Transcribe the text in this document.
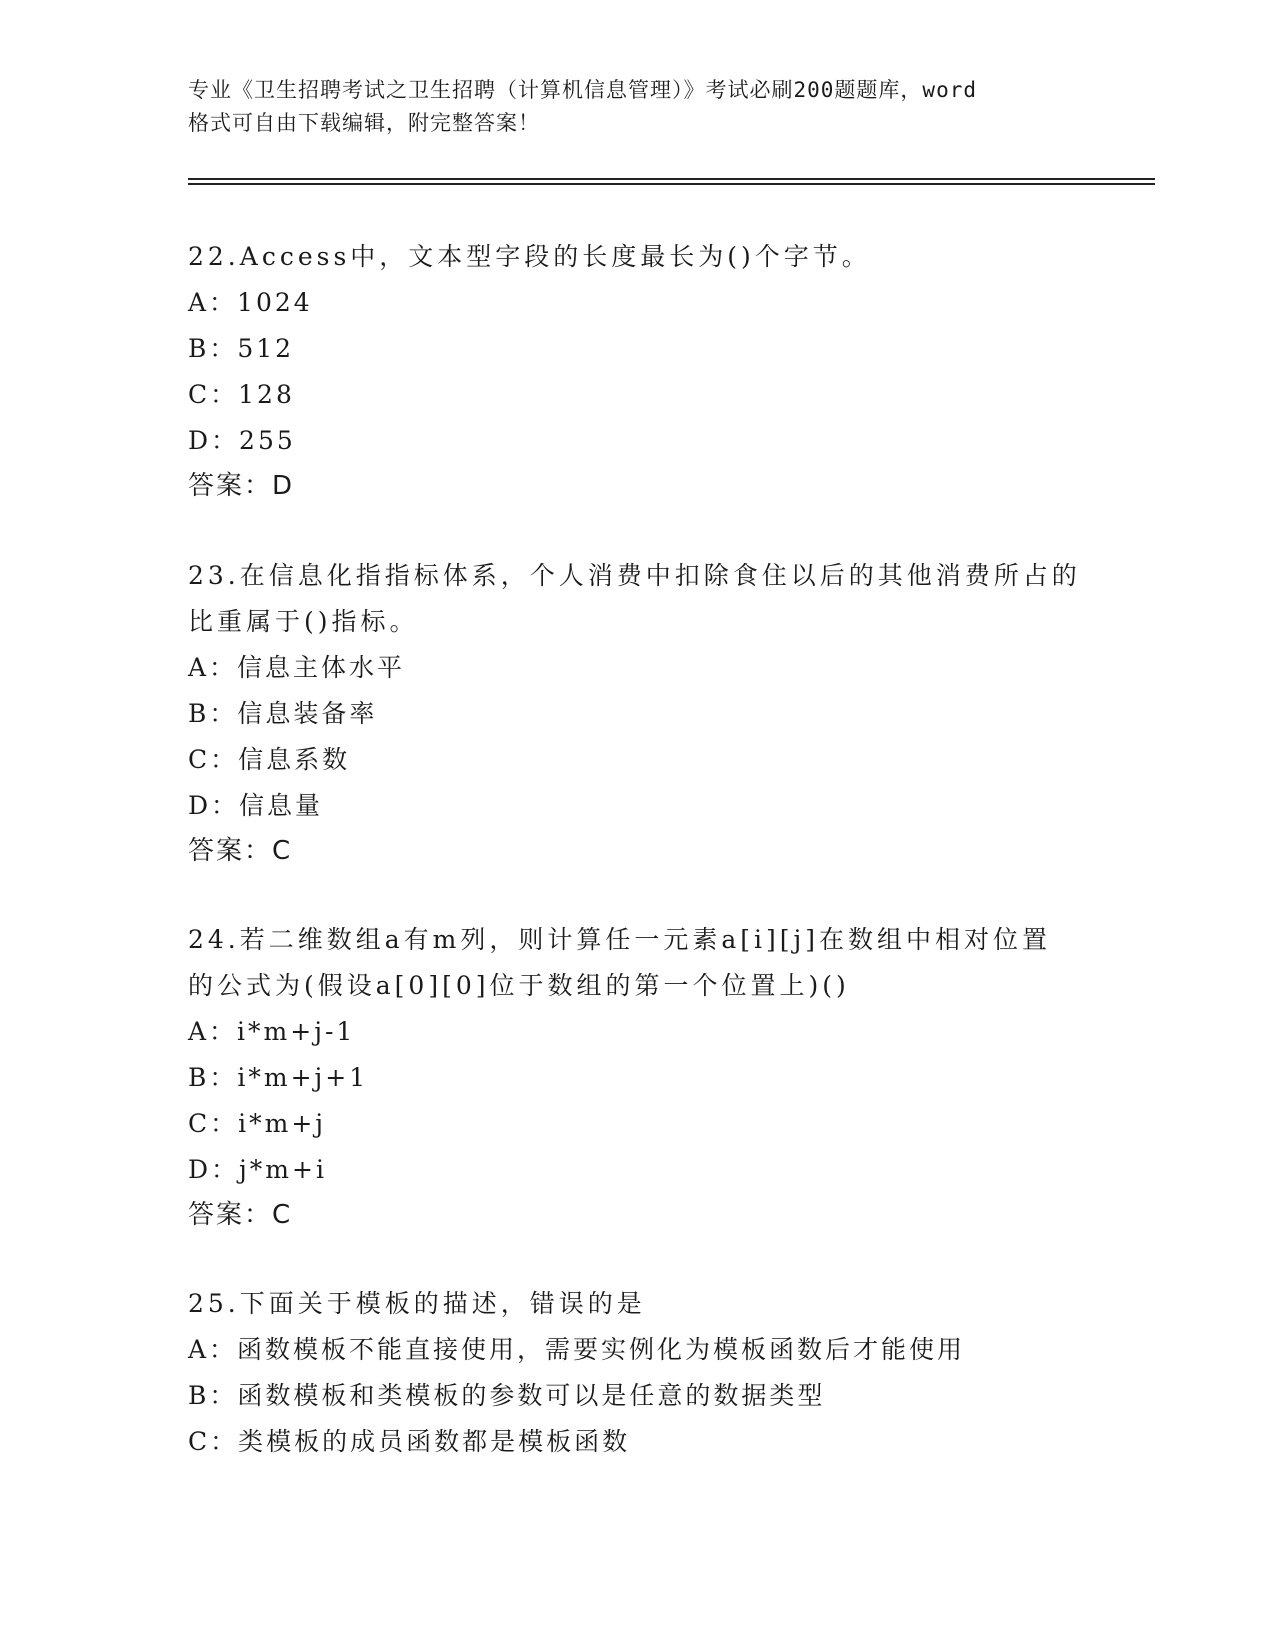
专业《卫生招聘考试之卫生招聘（计算机信息管理）》考试必刷200题题库，word
格式可自由下载编辑，附完整答案！

22.Access中，文本型字段的长度最长为()个字节。

A：1024

B：512

C：128

D：255

答案：D

23.在信息化指指标体系，个人消费中扣除食住以后的其他消费所占的

比重属于()指标。

A：信息主体水平

B：信息装备率

C：信息系数

D：信息量

答案：C

24.若二维数组a有m列，则计算任一元素a[i][j]在数组中相对位置

的公式为(假设a[0][0]位于数组的第一个位置上)()

A：i*m+j-1

B：i*m+j+1

C：i*m+j

D：j*m+i

答案：C

25.下面关于模板的描述，错误的是

A：函数模板不能直接使用，需要实例化为模板函数后才能使用

B：函数模板和类模板的参数可以是任意的数据类型

C：类模板的成员函数都是模板函数
